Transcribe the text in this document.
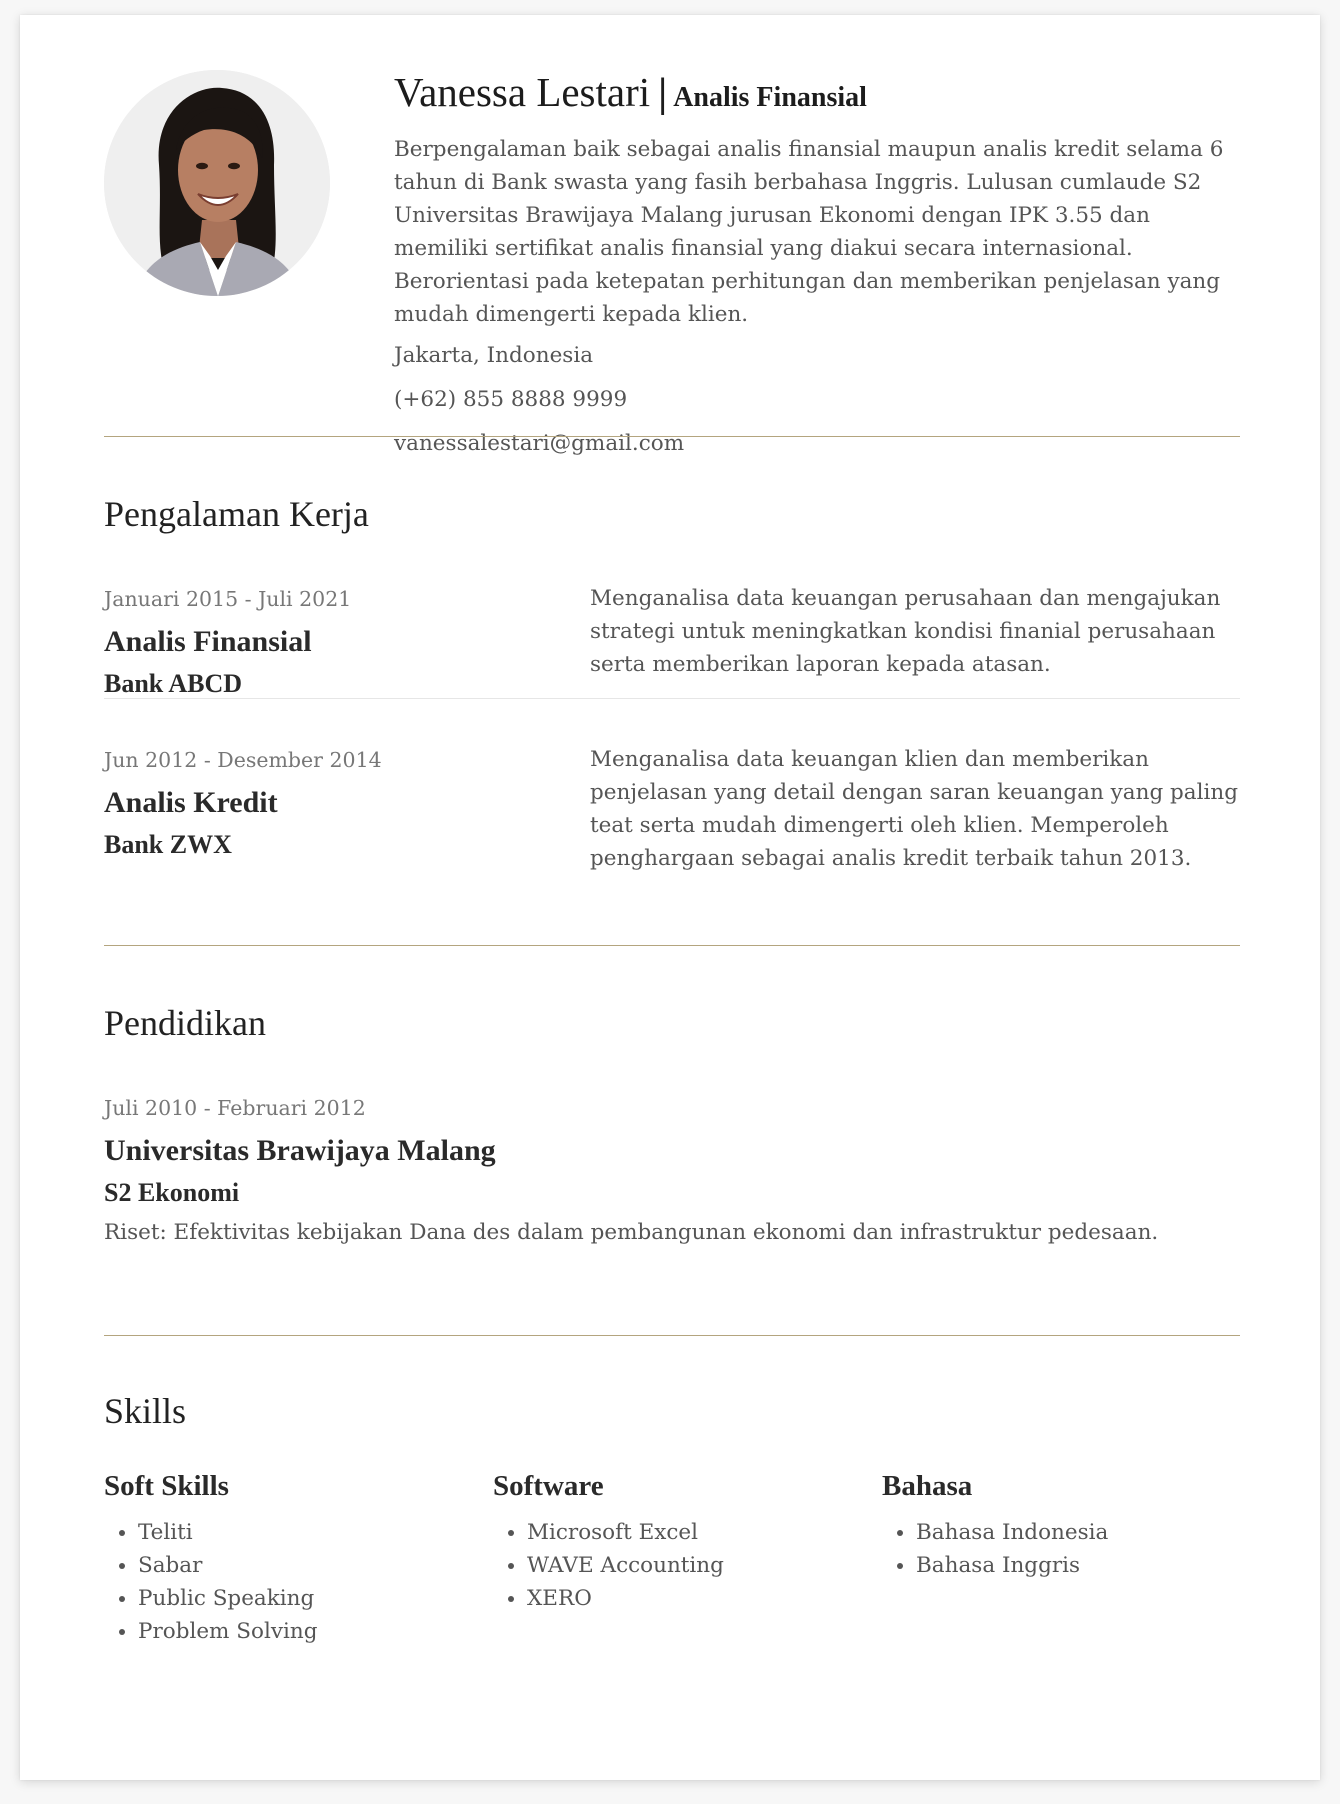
Vanessa Lestari | Analis Finansial

Berpengalaman baik sebagai analis finansial maupun analis kredit selama 6 tahun di Bank swasta yang fasih berbahasa Inggris. Lulusan cumlaude S2 Universitas Brawijaya Malang jurusan Ekonomi dengan IPK 3.55 dan memiliki sertifikat analis finansial yang diakui secara internasional. Berorientasi pada ketepatan perhitungan dan memberikan penjelasan yang mudah dimengerti kepada klien.

Jakarta, Indonesia
(+62) 855 8888 9999
vanessalestari@gmail.com
Pengalaman Kerja
Januari 2015 - Juli 2021
Analis Finansial
Bank ABCD
Menganalisa data keuangan perusahaan dan mengajukan strategi untuk meningkatkan kondisi finanial perusahaan serta memberikan laporan kepada atasan.
Jun 2012 - Desember 2014
Analis Kredit
Bank ZWX
Menganalisa data keuangan klien dan memberikan penjelasan yang detail dengan saran keuangan yang paling teat serta mudah dimengerti oleh klien. Memperoleh penghargaan sebagai analis kredit terbaik tahun 2013.
Pendidikan
Juli 2010 - Februari 2012
Universitas Brawijaya Malang
S2 Ekonomi
Riset: Efektivitas kebijakan Dana des dalam pembangunan ekonomi dan infrastruktur pedesaan.
Skills
Soft Skills
• Teliti
• Sabar
• Public Speaking
• Problem Solving
Software
• Microsoft Excel
• WAVE Accounting
• XERO
Bahasa
• Bahasa Indonesia
• Bahasa Inggris
